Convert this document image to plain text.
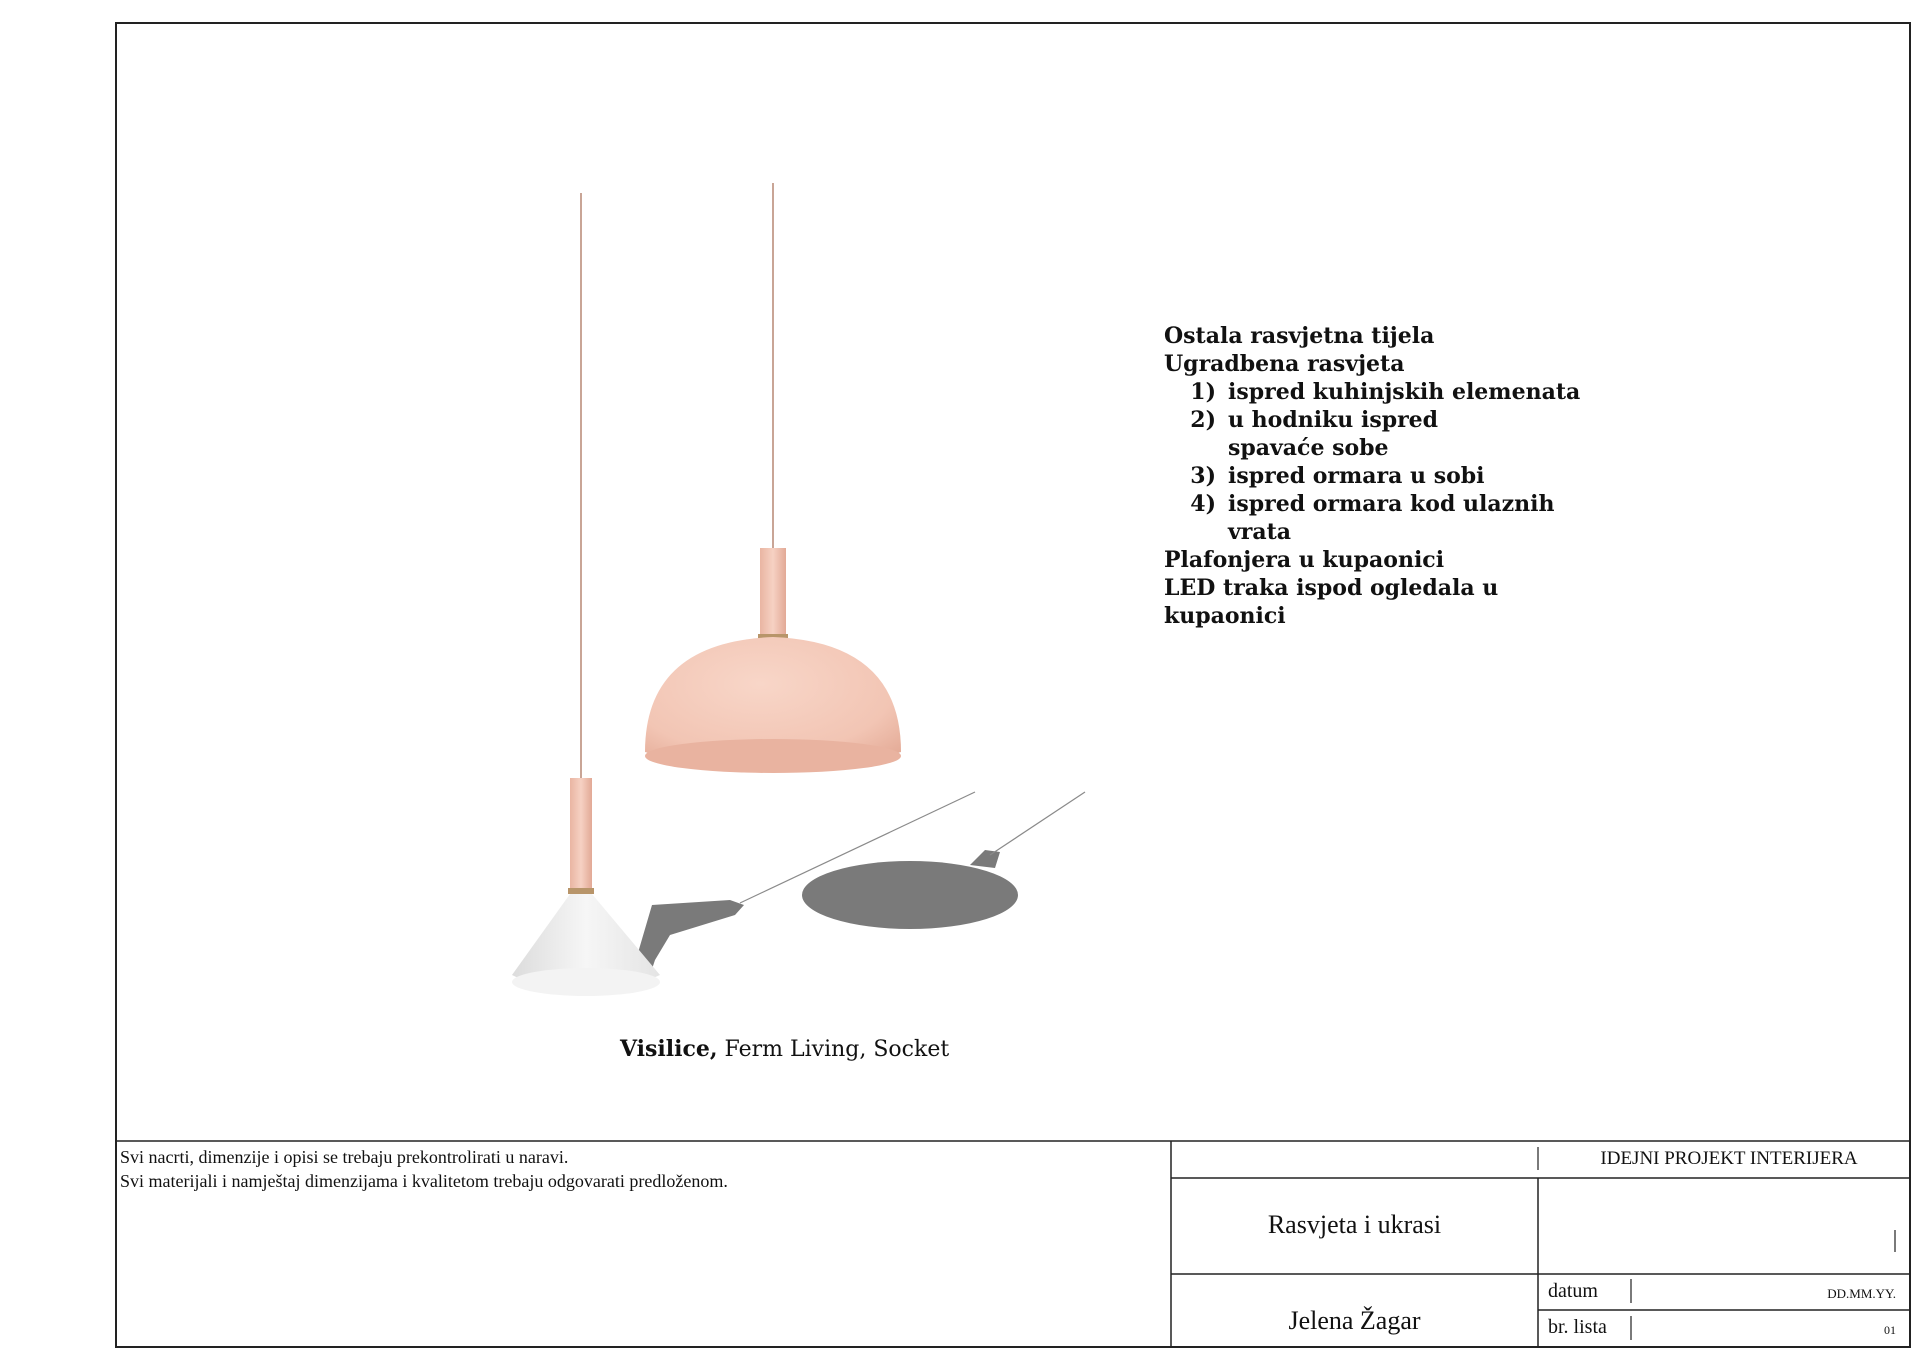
Ostala rasvjetna tijela
Ugradbena rasvjeta
1) ispred kuhinjskih elemenata
2) u hodniku ispred spavaće sobe
3) ispred ormara u sobi
4) ispred ormara kod ulaznih vrata
Plafonjera u kupaonici
LED traka ispod ogledala u kupaonici
Visilice, Ferm Living, Socket
Svi nacrti, dimenzije i opisi se trebaju prekontrolirati u naravi.
Svi materijali i namještaj dimenzijama i kvalitetom trebaju odgovarati predloženom.
IDEJNI PROJEKT INTERIJERA
Rasvjeta i ukrasi
Jelena Žagar
datum	DD.MM.YY.
br. lista	01
